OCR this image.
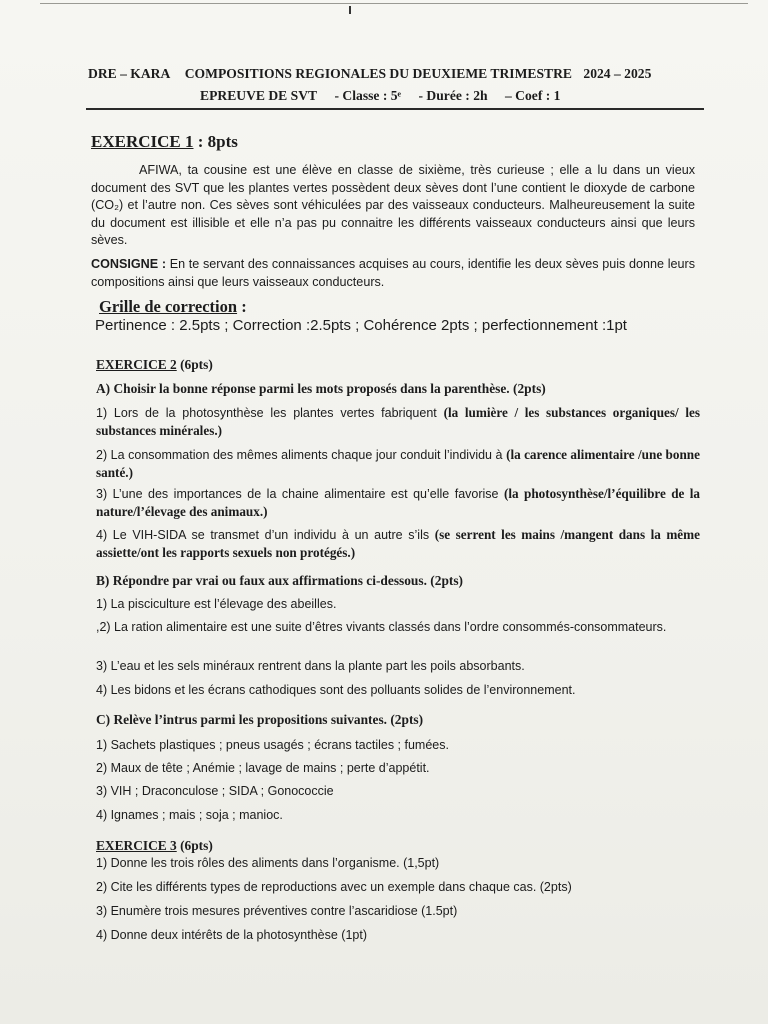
DRE – KARA COMPOSITIONS REGIONALES DU DEUXIEME TRIMESTRE 2024 – 2025
EPREUVE DE SVT - Classe : 5ᵉ - Durée : 2h – Coef : 1
EXERCICE 1 : 8pts
AFIWA, ta cousine est une élève en classe de sixième, très curieuse ; elle a lu dans un vieux document des SVT que les plantes vertes possèdent deux sèves dont l’une contient le dioxyde de carbone (CO₂) et l’autre non. Ces sèves sont véhiculées par des vaisseaux conducteurs. Malheureusement la suite du document est illisible et elle n’a pas pu connaitre les différents vaisseaux conducteurs ainsi que leurs sèves.
CONSIGNE : En te servant des connaissances acquises au cours, identifie les deux sèves puis donne leurs compositions ainsi que leurs vaisseaux conducteurs.
Grille de correction :
Pertinence : 2.5pts ; Correction :2.5pts ; Cohérence 2pts ; perfectionnement :1pt
EXERCICE 2 (6pts)
A) Choisir la bonne réponse parmi les mots proposés dans la parenthèse. (2pts)
1) Lors de la photosynthèse les plantes vertes fabriquent (la lumière / les substances organiques/ les substances minérales.)
2) La consommation des mêmes aliments chaque jour conduit l’individu à (la carence alimentaire /une bonne santé.)
3) L’une des importances de la chaine alimentaire est qu’elle favorise (la photosynthèse/l’équilibre de la nature/l’élevage des animaux.)
4) Le VIH-SIDA se transmet d’un individu à un autre s’ils (se serrent les mains /mangent dans la même assiette/ont les rapports sexuels non protégés.)
B) Répondre par vrai ou faux aux affirmations ci-dessous. (2pts)
1) La pisciculture est l’élevage des abeilles.
,2) La ration alimentaire est une suite d’êtres vivants classés dans l’ordre consommés-consommateurs.
3) L’eau et les sels minéraux rentrent dans la plante part les poils absorbants.
4) Les bidons et les écrans cathodiques sont des polluants solides de l’environnement.
C) Relève l’intrus parmi les propositions suivantes. (2pts)
1) Sachets plastiques ; pneus usagés ; écrans tactiles ; fumées.
2) Maux de tête ; Anémie ; lavage de mains ; perte d’appétit.
3) VIH ; Draconculose ; SIDA ; Gonococcie
4) Ignames ; mais ; soja ; manioc.
EXERCICE 3 (6pts)
1) Donne les trois rôles des aliments dans l’organisme. (1,5pt)
2) Cite les différents types de reproductions avec un exemple dans chaque cas. (2pts)
3) Enumère trois mesures préventives contre l’ascaridiose (1.5pt)
4) Donne deux intérêts de la photosynthèse (1pt)
